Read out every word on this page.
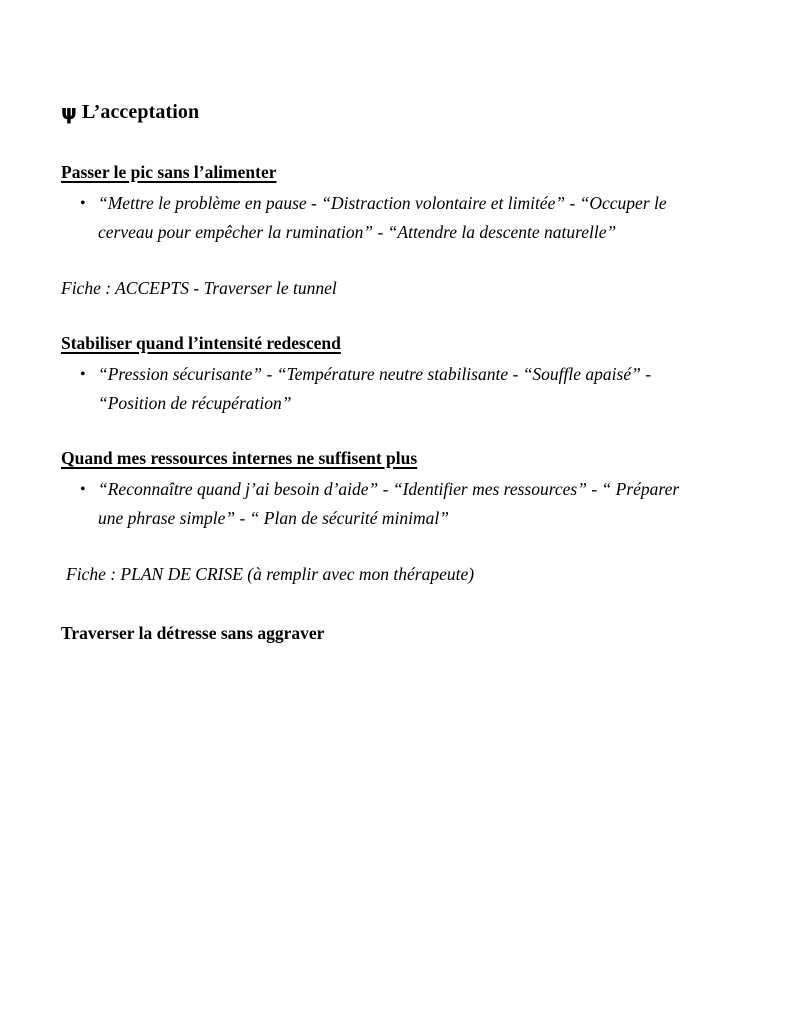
ψ L’acceptation
Passer le pic sans l’alimenter
• “Mettre le problème en pause - “Distraction volontaire et limitée” - “Occuper le cerveau pour empêcher la rumination” - “Attendre la descente naturelle”

Fiche : ACCEPTS - Traverser le tunnel

Stabiliser quand l’intensité redescend
• “Pression sécurisante” - “Température neutre stabilisante - “Souffle apaisé” - “Position de récupération”
Quand mes ressources internes ne suffisent plus
• “Reconnaître quand j’ai besoin d’aide” - “Identifier mes ressources” - “ Préparer une phrase simple” - “ Plan de sécurité minimal”

Fiche : PLAN DE CRISE (à remplir avec mon thérapeute)

Traverser la détresse sans aggraver
